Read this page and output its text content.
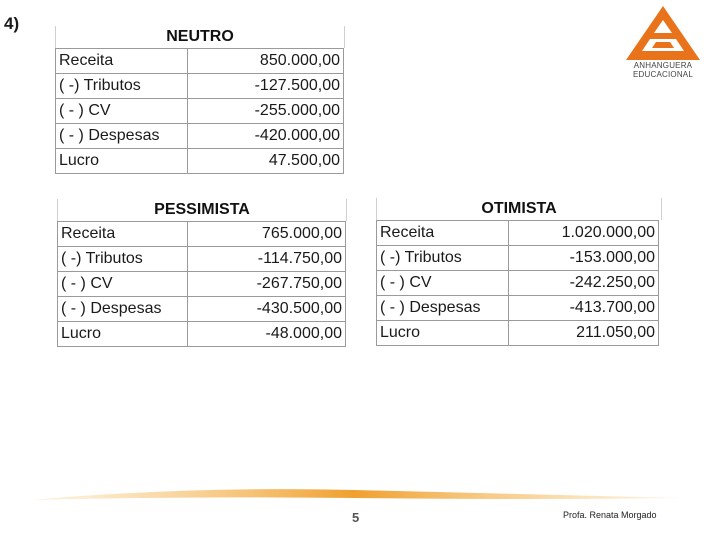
4)
ANHANGUERA
EDUCACIONAL
NEUTRO
Receita	850.000,00
( -) Tributos	-127.500,00
( - ) CV	-255.000,00
( - ) Despesas	-420.000,00
Lucro	47.500,00
PESSIMISTA
Receita	765.000,00
( -) Tributos	-114.750,00
( - ) CV	-267.750,00
( - ) Despesas	-430.500,00
Lucro	-48.000,00
OTIMISTA
Receita	1.020.000,00
( -) Tributos	-153.000,00
( - ) CV	-242.250,00
( - ) Despesas	-413.700,00
Lucro	211.050,00
5	Profa. Renata Morgado
